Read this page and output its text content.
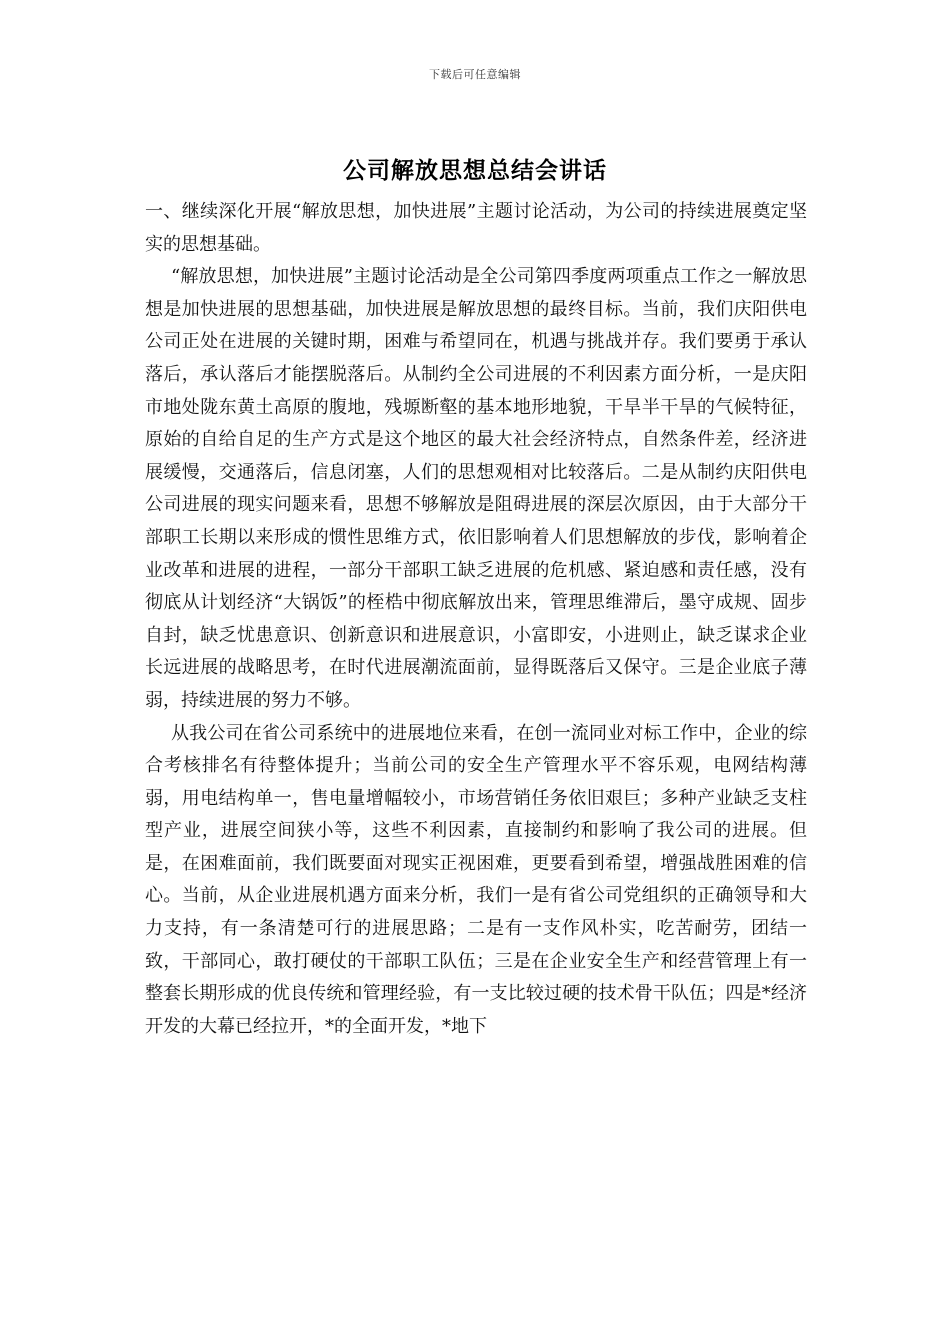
下载后可任意编辑
公司解放思想总结会讲话

一、继续深化开展“解放思想，加快进展”主题讨论活动，为公司的持续进展奠定坚实的思想基础。

“解放思想，加快进展”主题讨论活动是全公司第四季度两项重点工作之一解放思想是加快进展的思想基础，加快进展是解放思想的最终目标。当前，我们庆阳供电公司正处在进展的关键时期，困难与希望同在，机遇与挑战并存。我们要勇于承认落后，承认落后才能摆脱落后。从制约全公司进展的不利因素方面分析，一是庆阳市地处陇东黄土高原的腹地，残塬断壑的基本地形地貌，干旱半干旱的气候特征，原始的自给自足的生产方式是这个地区的最大社会经济特点，自然条件差，经济进展缓慢，交通落后，信息闭塞，人们的思想观相对比较落后。二是从制约庆阳供电公司进展的现实问题来看，思想不够解放是阻碍进展的深层次原因，由于大部分干部职工长期以来形成的惯性思维方式，依旧影响着人们思想解放的步伐，影响着企业改革和进展的进程，一部分干部职工缺乏进展的危机感、紧迫感和责任感，没有彻底从计划经济“大锅饭”的桎梏中彻底解放出来，管理思维滞后，墨守成规、固步自封，缺乏忧患意识、创新意识和进展意识，小富即安，小进则止，缺乏谋求企业长远进展的战略思考，在时代进展潮流面前，显得既落后又保守。三是企业底子薄弱，持续进展的努力不够。

从我公司在省公司系统中的进展地位来看，在创一流同业对标工作中，企业的综合考核排名有待整体提升；当前公司的安全生产管理水平不容乐观，电网结构薄弱，用电结构单一，售电量增幅较小，市场营销任务依旧艰巨；多种产业缺乏支柱型产业，进展空间狭小等，这些不利因素，直接制约和影响了我公司的进展。但是，在困难面前，我们既要面对现实正视困难，更要看到希望，增强战胜困难的信心。当前，从企业进展机遇方面来分析，我们一是有省公司党组织的正确领导和大力支持，有一条清楚可行的进展思路；二是有一支作风朴实，吃苦耐劳，团结一致，干部同心，敢打硬仗的干部职工队伍；三是在企业安全生产和经营管理上有一整套长期形成的优良传统和管理经验，有一支比较过硬的技术骨干队伍；四是*经济开发的大幕已经拉开，*的全面开发，*地下
